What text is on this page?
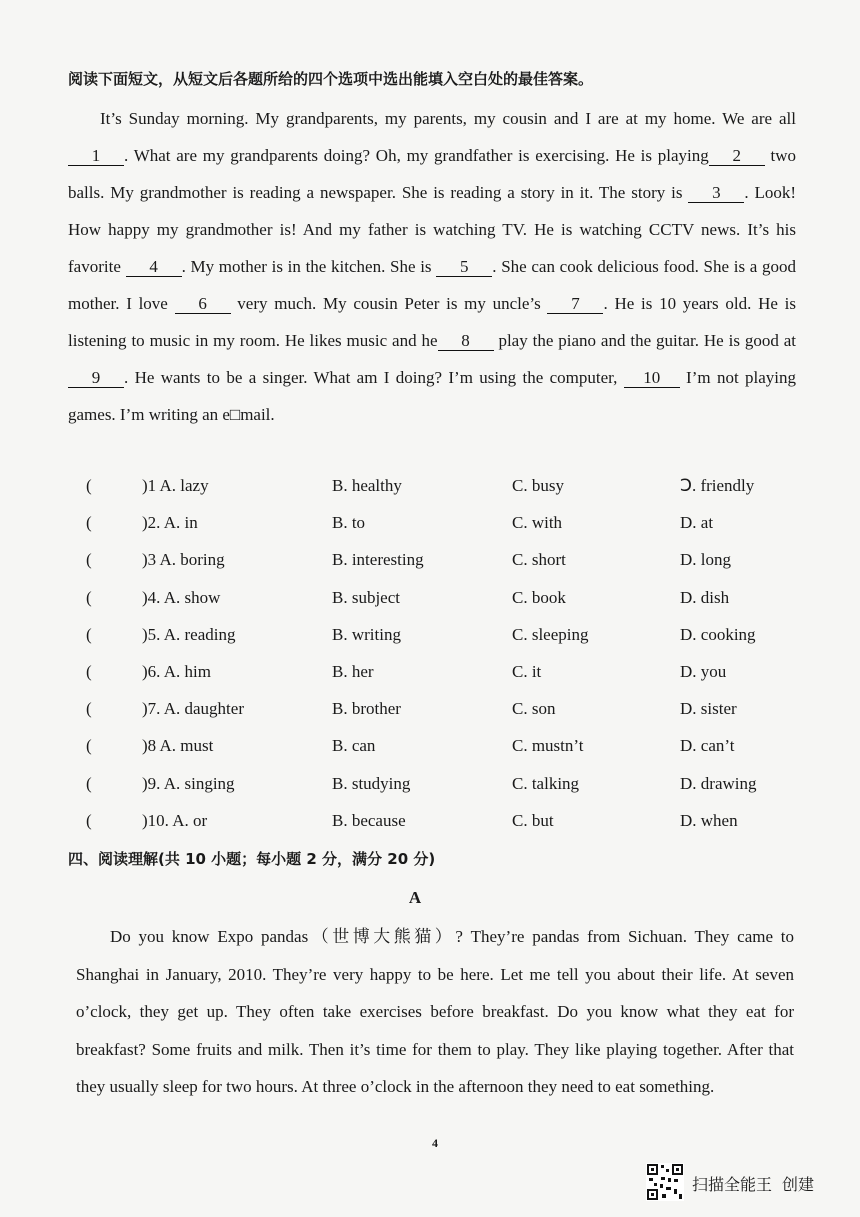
阅读下面短文，从短文后各题所给的四个选项中选出能填入空白处的最佳答案。
It’s Sunday morning. My grandparents, my parents, my cousin and I are at my home. We are all 1 . What are my grandparents doing? Oh, my grandfather is exercising. He is playing 2 two balls. My grandmother is reading a newspaper. She is reading a story in it. The story is 3 . Look! How happy my grandmother is! And my father is watching TV. He is watching CCTV news. It’s his favorite 4 . My mother is in the kitchen. She is 5 . She can cook delicious food. She is a good mother. I love 6 very much. My cousin Peter is my uncle’s 7 . He is 10 years old. He is listening to music in my room. He likes music and he 8 play the piano and the guitar. He is good at 9 . He wants to be a singer. What am I doing? I’m using the computer, 10 I’m not playing games. I’m writing an e□mail.
(	)1 A. lazy	B. healthy	C. busy	Ↄ. friendly
(	)2. A. in	B. to	C. with	D. at
(	)3 A. boring	B. interesting	C. short	D. long
(	)4. A. show	B. subject	C. book	D. dish
(	)5. A. reading	B. writing	C. sleeping	D. cooking
(	)6. A. him	B. her	C. it	D. you
(	)7. A. daughter	B. brother	C. son	D. sister
(	)8 A. must	B. can	C. mustn’t	D. can’t
(	)9. A. singing	B. studying	C. talking	D. drawing
(	)10. A. or	B. because	C. but	D. when
四、阅读理解(共 10 小题；每小题 2 分，满分 20 分)
A
Do you know Expo pandas（世博大熊猫）? They’re pandas from Sichuan. They came to Shanghai in January, 2010. They’re very happy to be here. Let me tell you about their life. At seven o’clock, they get up. They often take exercises before breakfast. Do you know what they eat for breakfast? Some fruits and milk. Then it’s time for them to play. They like playing together. After that they usually sleep for two hours. At three o’clock in the afternoon they need to eat something.
4
扫描全能王 创建
